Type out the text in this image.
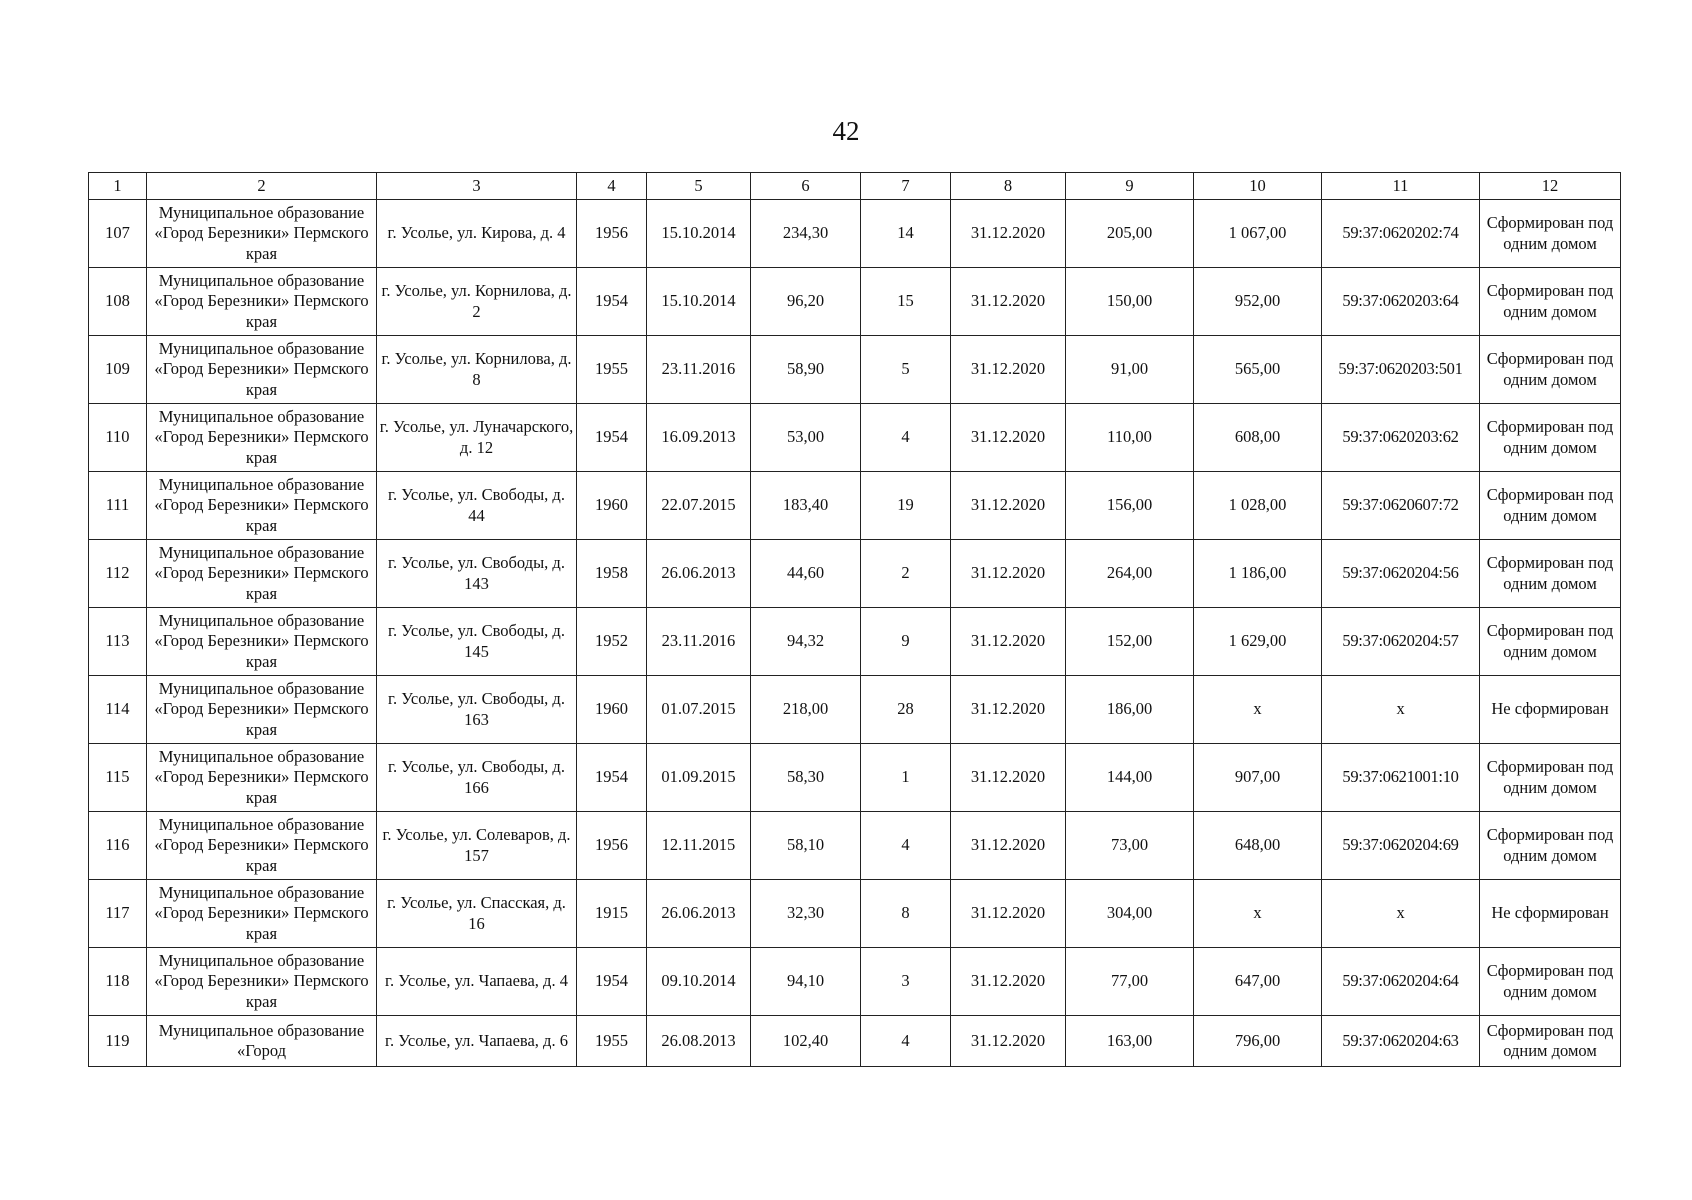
42
1	2	3	4	5	6	7	8	9	10	11	12
107	Муниципальное образование «Город Березники» Пермского края	г. Усолье, ул. Кирова, д. 4	1956	15.10.2014	234,30	14	31.12.2020	205,00	1 067,00	59:37:0620202:74	Сформирован под одним домом
108	Муниципальное образование «Город Березники» Пермского края	г. Усолье, ул. Корнилова, д. 2	1954	15.10.2014	96,20	15	31.12.2020	150,00	952,00	59:37:0620203:64	Сформирован под одним домом
109	Муниципальное образование «Город Березники» Пермского края	г. Усолье, ул. Корнилова, д. 8	1955	23.11.2016	58,90	5	31.12.2020	91,00	565,00	59:37:0620203:501	Сформирован под одним домом
110	Муниципальное образование «Город Березники» Пермского края	г. Усолье, ул. Луначарского, д. 12	1954	16.09.2013	53,00	4	31.12.2020	110,00	608,00	59:37:0620203:62	Сформирован под одним домом
111	Муниципальное образование «Город Березники» Пермского края	г. Усолье, ул. Свободы, д. 44	1960	22.07.2015	183,40	19	31.12.2020	156,00	1 028,00	59:37:0620607:72	Сформирован под одним домом
112	Муниципальное образование «Город Березники» Пермского края	г. Усолье, ул. Свободы, д. 143	1958	26.06.2013	44,60	2	31.12.2020	264,00	1 186,00	59:37:0620204:56	Сформирован под одним домом
113	Муниципальное образование «Город Березники» Пермского края	г. Усолье, ул. Свободы, д. 145	1952	23.11.2016	94,32	9	31.12.2020	152,00	1 629,00	59:37:0620204:57	Сформирован под одним домом
114	Муниципальное образование «Город Березники» Пермского края	г. Усолье, ул. Свободы, д. 163	1960	01.07.2015	218,00	28	31.12.2020	186,00	x	x	Не сформирован
115	Муниципальное образование «Город Березники» Пермского края	г. Усолье, ул. Свободы, д. 166	1954	01.09.2015	58,30	1	31.12.2020	144,00	907,00	59:37:0621001:10	Сформирован под одним домом
116	Муниципальное образование «Город Березники» Пермского края	г. Усолье, ул. Солеваров, д. 157	1956	12.11.2015	58,10	4	31.12.2020	73,00	648,00	59:37:0620204:69	Сформирован под одним домом
117	Муниципальное образование «Город Березники» Пермского края	г. Усолье, ул. Спасская, д. 16	1915	26.06.2013	32,30	8	31.12.2020	304,00	x	x	Не сформирован
118	Муниципальное образование «Город Березники» Пермского края	г. Усолье, ул. Чапаева, д. 4	1954	09.10.2014	94,10	3	31.12.2020	77,00	647,00	59:37:0620204:64	Сформирован под одним домом
119	Муниципальное образование «Город	г. Усолье, ул. Чапаева, д. 6	1955	26.08.2013	102,40	4	31.12.2020	163,00	796,00	59:37:0620204:63	Сформирован под одним домом
